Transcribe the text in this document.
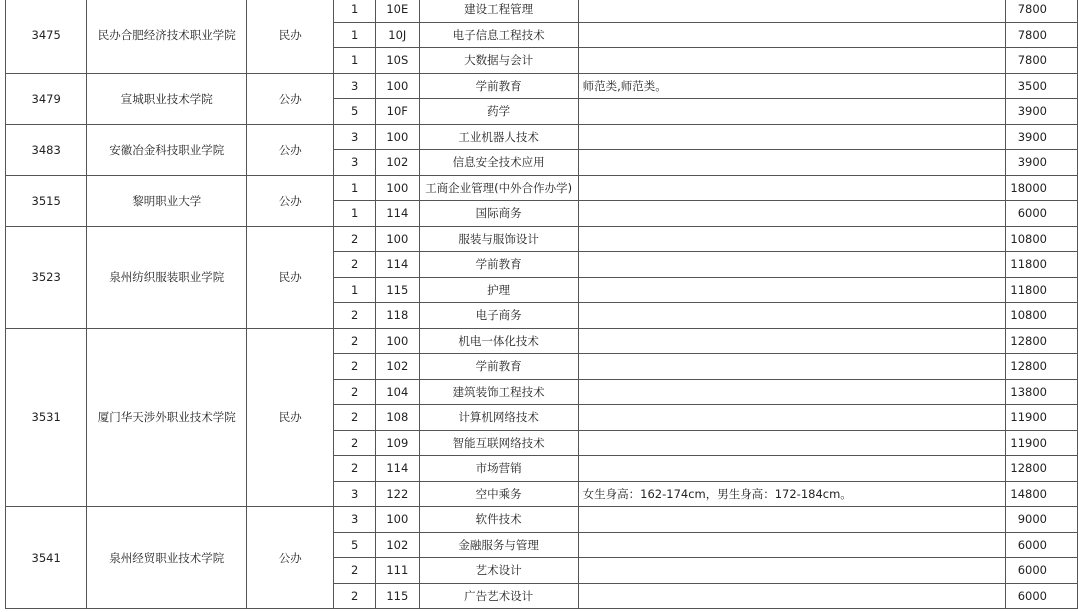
3475	民办合肥经济技术职业学院	民办	1	10E	建设工程管理		7800
			1	10J	电子信息工程技术		7800
			1	10S	大数据与会计		7800
3479	宣城职业技术学院	公办	3	100	学前教育	师范类,师范类。	3500
			5	10F	药学		3900
3483	安徽冶金科技职业学院	公办	3	100	工业机器人技术		3900
			3	102	信息安全技术应用		3900
3515	黎明职业大学	公办	1	100	工商企业管理(中外合作办学)		18000
			1	114	国际商务		6000
3523	泉州纺织服装职业学院	民办	2	100	服装与服饰设计		10800
			2	114	学前教育		11800
			1	115	护理		11800
			2	118	电子商务		10800
3531	厦门华天涉外职业技术学院	民办	2	100	机电一体化技术		12800
			2	102	学前教育		12800
			2	104	建筑装饰工程技术		13800
			2	108	计算机网络技术		11900
			2	109	智能互联网络技术		11900
			2	114	市场营销		12800
			3	122	空中乘务	女生身高：162-174cm，男生身高：172-184cm。	14800
3541	泉州经贸职业技术学院	公办	3	100	软件技术		9000
			5	102	金融服务与管理		6000
			2	111	艺术设计		6000
			2	115	广告艺术设计		6000
